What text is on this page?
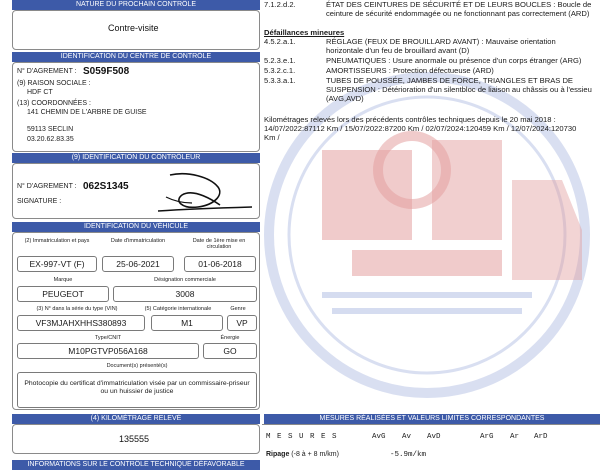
NATURE DU PROCHAIN CONTRÔLE
Contre-visite
IDENTIFICATION DU CENTRE DE CONTRÔLE
N° D'AGREMENT : S059F508
(9) RAISON SOCIALE :
HDF CT
(13) COORDONNÉES :
141 CHEMIN DE L'ARBRE DE GUISE
59113 SECLIN
03.20.62.83.35
(9) IDENTIFICATION DU CONTRÔLEUR
N° D'AGREMENT : 062S1345
SIGNATURE :
IDENTIFICATION DU VÉHICULE
(2) Immatriculation et pays	Date d'immatriculation	Date de 1ère mise en circulation
EX-997-VT (F)	25-06-2021	01-06-2018
Marque	Désignation commerciale
PEUGEOT	3008
(3) N° dans la série du type (VIN)	(5) Catégorie internationale	Genre
VF3MJAHXHHS380893	M1	VP
Type/CNIT	Énergie
M10PGTVP056A168	GO
Document(s) présenté(s)
Photocopie du certificat d'immatriculation visée par un commissaire-priseur ou un huissier de justice
(4) KILOMÉTRAGE RELEVÉ
135555
INFORMATIONS SUR LE CONTRÔLE TECHNIQUE DÉFAVORABLE
7.1.2.d.2.	ÉTAT DES CEINTURES DE SÉCURITÉ ET DE LEURS BOUCLES : Boucle de ceinture de sécurité endommagée ou ne fonctionnant pas correctement (ARD)
Défaillances mineures
4.5.2.a.1.	RÉGLAGE (FEUX DE BROUILLARD AVANT) : Mauvaise orientation horizontale d'un feu de brouillard avant (D)
5.2.3.e.1.	PNEUMATIQUES : Usure anormale ou présence d'un corps étranger (ARG)
5.3.2.c.1.	AMORTISSEURS : Protection défectueuse (ARD)
5.3.3.a.1.	TUBES DE POUSSÉE, JAMBES DE FORCE, TRIANGLES ET BRAS DE SUSPENSION : Détérioration d'un silentbloc de liaison au châssis ou à l'essieu (AVG,AVD)
Kilométrages relevés lors des précédents contrôles techniques depuis le 20 mai 2018 : 14/07/2022:87112 Km / 15/07/2022:87200 Km / 02/07/2024:120459 Km / 12/07/2024:120730 Km /
MESURES RÉALISÉES ET VALEURS LIMITES CORRESPONDANTES
M E S U R E S	AvG Av AvD	ArG Ar ArD
Ripage (-8 à + 8 m/km)	-5.9m/km
